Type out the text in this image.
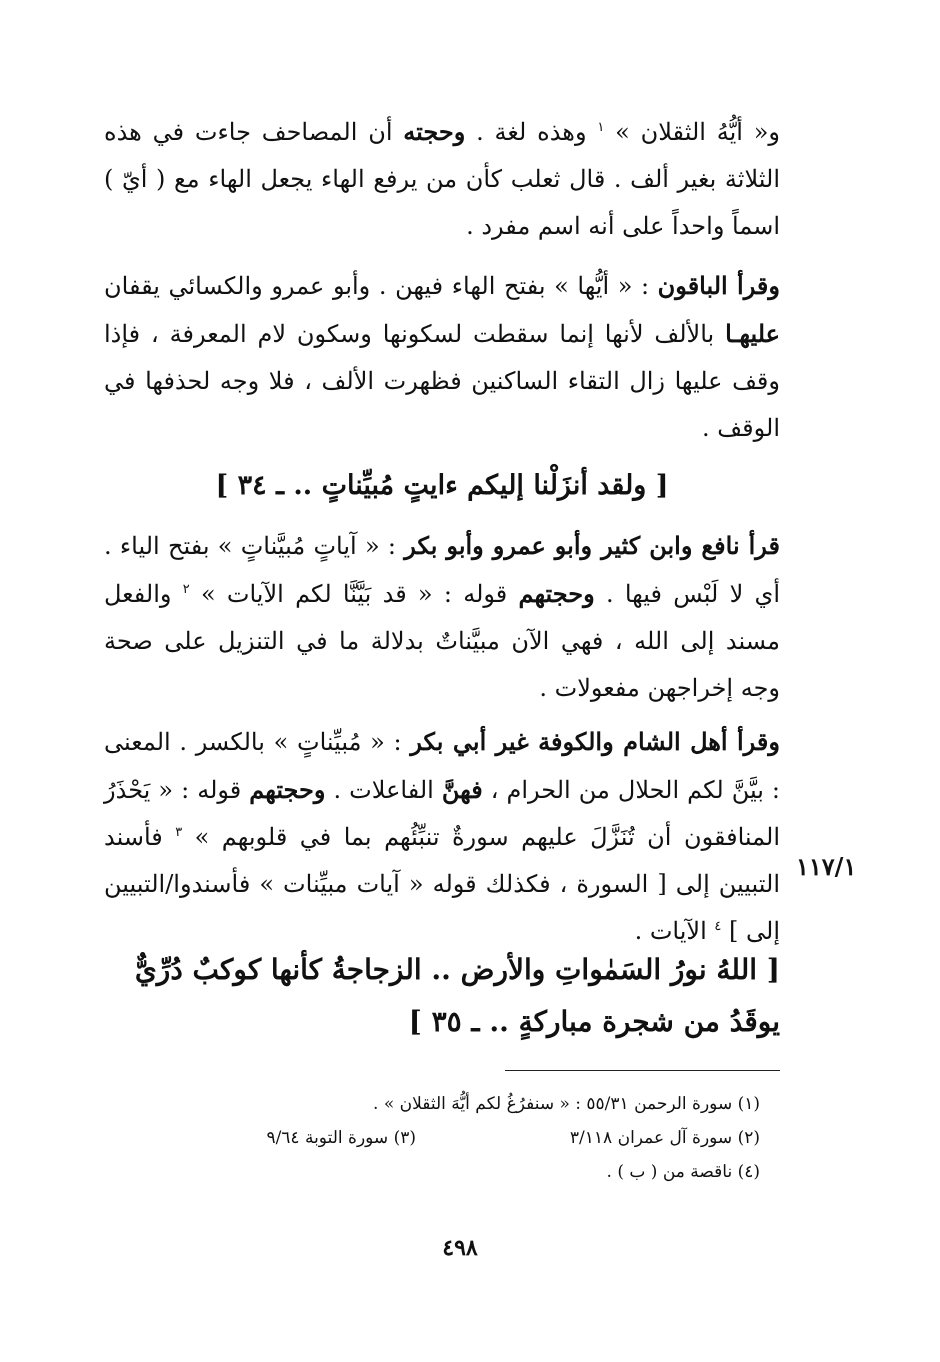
و« أيُّهُ الثقلان » $^١$ وهذه لغة . وحجته أن المصاحف جاءت في هذه الثلاثة بغير ألف . قال ثعلب كأن من يرفع الهاء يجعل الهاء مع ( أيّ ) اسماً واحداً على أنه اسم مفرد .
وقرأ الباقون : « أيُّها » بفتح الهاء فيهن . وأبو عمرو والكسائي يقفان عليهـا بالألف لأنها إنما سقطت لسكونها وسكون لام المعرفة ، فإذا وقف عليها زال التقاء الساكنين فظهرت الألف ، فلا وجه لحذفها في الوقف .
[ ولقد أنزَلْنا إليكم ءايتٍ مُبيِّناتٍ .. ـ ٣٤ ]
قرأ نافع وابن كثير وأبو عمرو وأبو بكر : « آياتٍ مُبيَّناتٍ » بفتح الياء . أي لا لَبْس فيها . وحجتهم قوله : « قد بَيَّنَّا لكم الآيات » $^٢$ والفعل مسند إلى الله ، فهي الآن مبيَّناتٌ بدلالة ما في التنزيل على صحة وجه إخراجهن مفعولات .
وقرأ أهل الشام والكوفة غير أبي بكر : « مُبيِّناتٍ » بالكسر . المعنى : بيَّنَّ لكم الحلال من الحرام ، فهنَّ الفاعلات . وحجتهم قوله : « يَحْذَرُ المنافقون أن تُنَزَّلَ عليهم سورةٌ تنبِّئُهم بما في قلوبهم » $^٣$ فأسند التبيين إلى [ السورة ، فكذلك قوله « آيات مبيِّنات » فأسندوا/التبيين إلى ] $^٤$ الآيات .
١١٧/١
[ اللهُ نورُ السَمٰواتِ والأرض .. الزجاجةُ كأنها كوكبٌ دُرِّيٌّ
يوقَدُ من شجرة مباركةٍ .. ـ ٣٥ ]
(١) سورة الرحمن ٥٥/٣١ : « سنفرُغُ لكم أيُّهَ الثقلان » .
(٢) سورة آل عمران ٣/١١٨
(٣) سورة التوبة ٩/٦٤
(٤) ناقصة من ( ب ) .
٤٩٨
